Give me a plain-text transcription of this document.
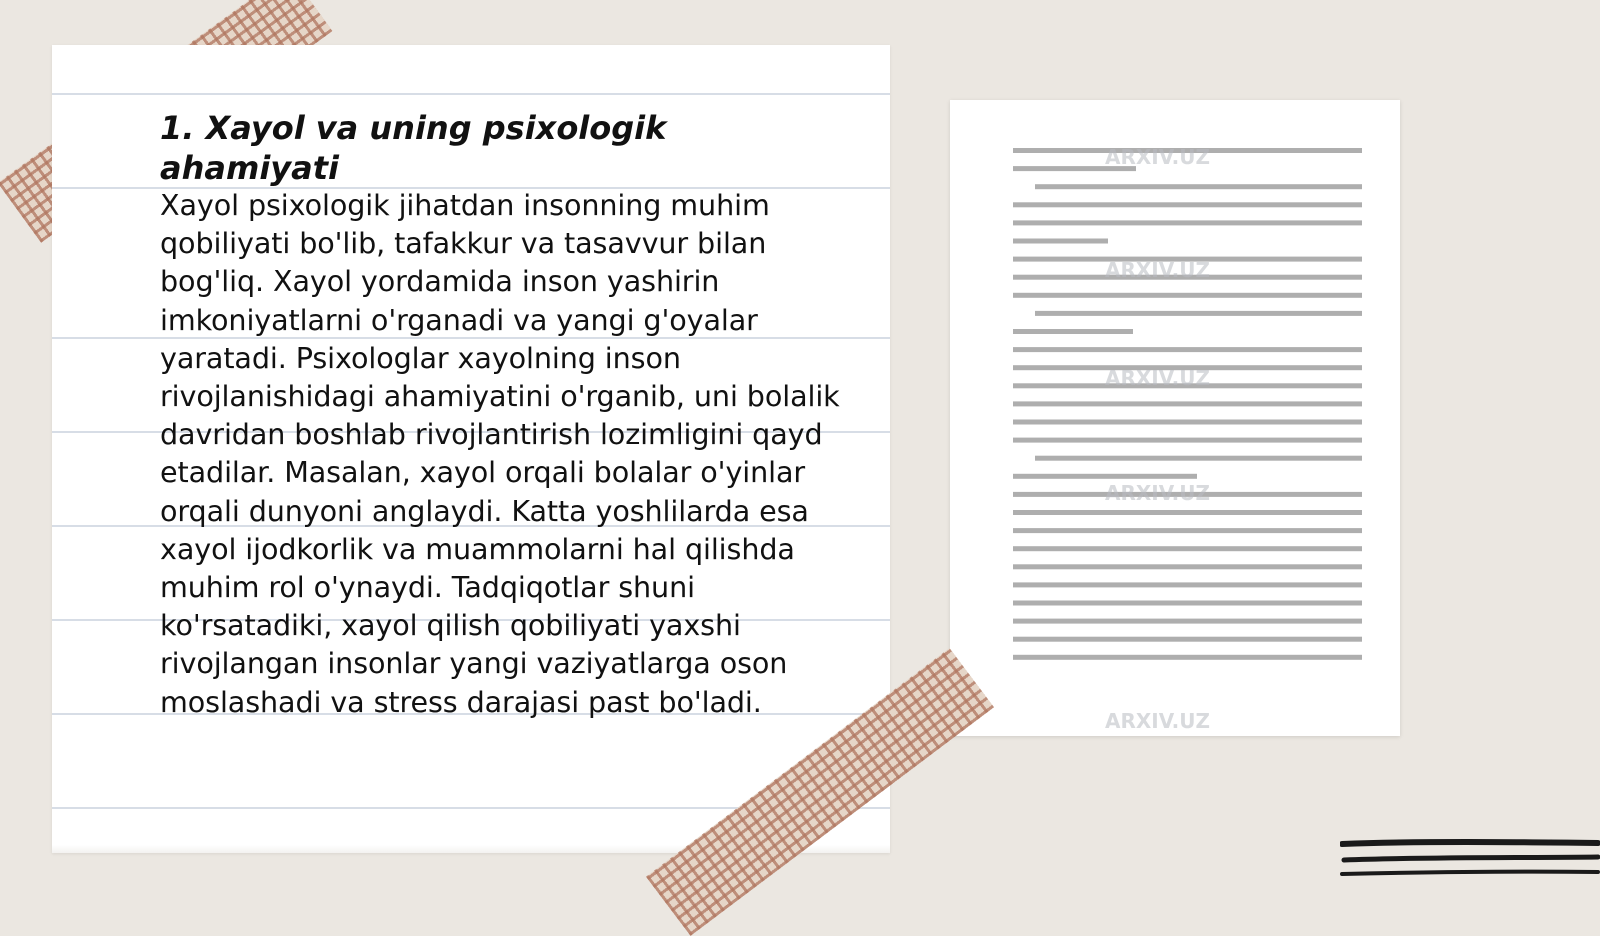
1. Xayol va uning psixologik ahamiyati

Xayol psixologik jihatdan insonning muhim qobiliyati bo'lib, tafakkur va tasavvur bilan bog'liq. Xayol yordamida inson yashirin imkoniyatlarni o'rganadi va yangi g'oyalar yaratadi. Psixologlar xayolning inson rivojlanishidagi ahamiyatini o'rganib, uni bolalik davridan boshlab rivojlantirish lozimligini qayd etadilar. Masalan, xayol orqali bolalar o'yinlar orqali dunyoni anglaydi. Katta yoshlilarda esa xayol ijodkorlik va muammolarni hal qilishda muhim rol o'ynaydi. Tadqiqotlar shuni ko'rsatadiki, xayol qilish qobiliyati yaxshi rivojlangan insonlar yangi vaziyatlarga oson moslashadi va stress darajasi past bo'ladi.

ARXIV.UZ
ARXIV.UZ
ARXIV.UZ
ARXIV.UZ
ARXIV.UZ
